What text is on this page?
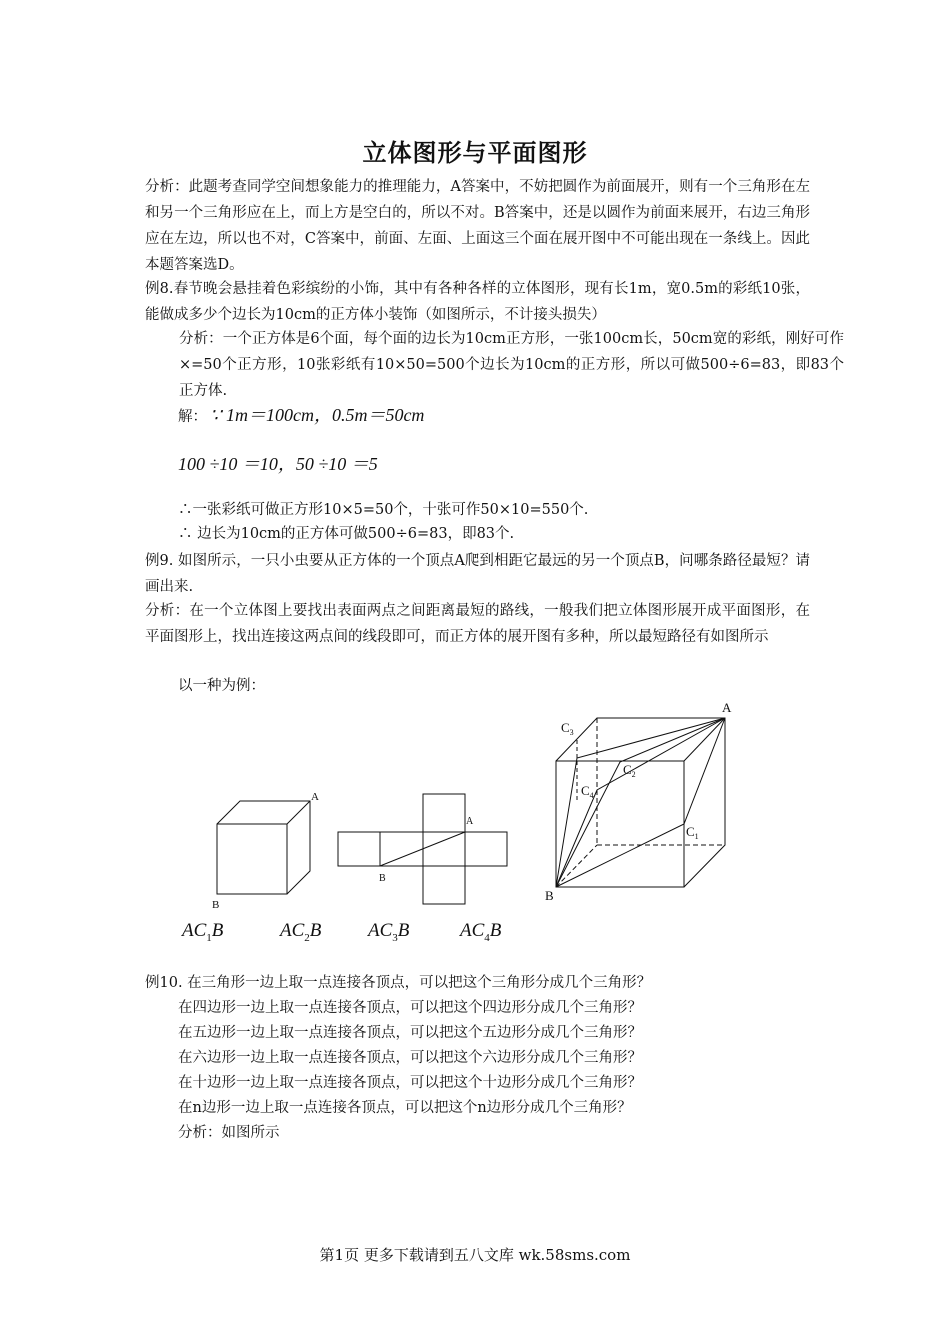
立体图形与平面图形
分析：此题考查同学空间想象能力的推理能力，A答案中，不妨把圆作为前面展开，则有一个三角形在左和另一个三角形应在上，而上方是空白的，所以不对。B答案中，还是以圆作为前面来展开，右边三角形应在左边，所以也不对，C答案中，前面、左面、上面这三个面在展开图中不可能出现在一条线上。因此本题答案选D。
例8.春节晚会悬挂着色彩缤纷的小饰，其中有各种各样的立体图形，现有长1m，宽0.5m的彩纸10张，能做成多少个边长为10cm的正方体小装饰（如图所示，不计接头损失）
分析：一个正方体是6个面，每个面的边长为10cm正方形，一张100cm长，50cm宽的彩纸，刚好可作×=50个正方形，10张彩纸有10×50=500个边长为10cm的正方形，所以可做500÷6=83，即83个正方体.
解： ∵ 1m＝100cm，0.5m＝50cm
100 ÷10 ＝10，50 ÷10 ＝5
∴一张彩纸可做正方形10×5=50个，十张可作50×10=550个.
∴ 边长为10cm的正方体可做500÷6=83，即83个.
例9. 如图所示，一只小虫要从正方体的一个顶点A爬到相距它最远的另一个顶点B，问哪条路径最短？请画出来.
分析：在一个立体图上要找出表面两点之间距离最短的路线，一般我们把立体图形展开成平面图形，在平面图形上，找出连接这两点间的线段即可，而正方体的展开图有多种，所以最短路径有如图所示
以一种为例：
A
B
A
B
A
B
$C_1$
$C_2$
$C_3$
$C_4$
$AC_1B$	$AC_2B$ $AC_3B$	$AC_4B$
例10. 在三角形一边上取一点连接各顶点，可以把这个三角形分成几个三角形？
在四边形一边上取一点连接各顶点，可以把这个四边形分成几个三角形？
在五边形一边上取一点连接各顶点，可以把这个五边形分成几个三角形？
在六边形一边上取一点连接各顶点，可以把这个六边形分成几个三角形？
在十边形一边上取一点连接各顶点，可以把这个十边形分成几个三角形？
在n边形一边上取一点连接各顶点，可以把这个n边形分成几个三角形？
分析：如图所示
第1页 更多下载请到五八文库 wk.58sms.com
